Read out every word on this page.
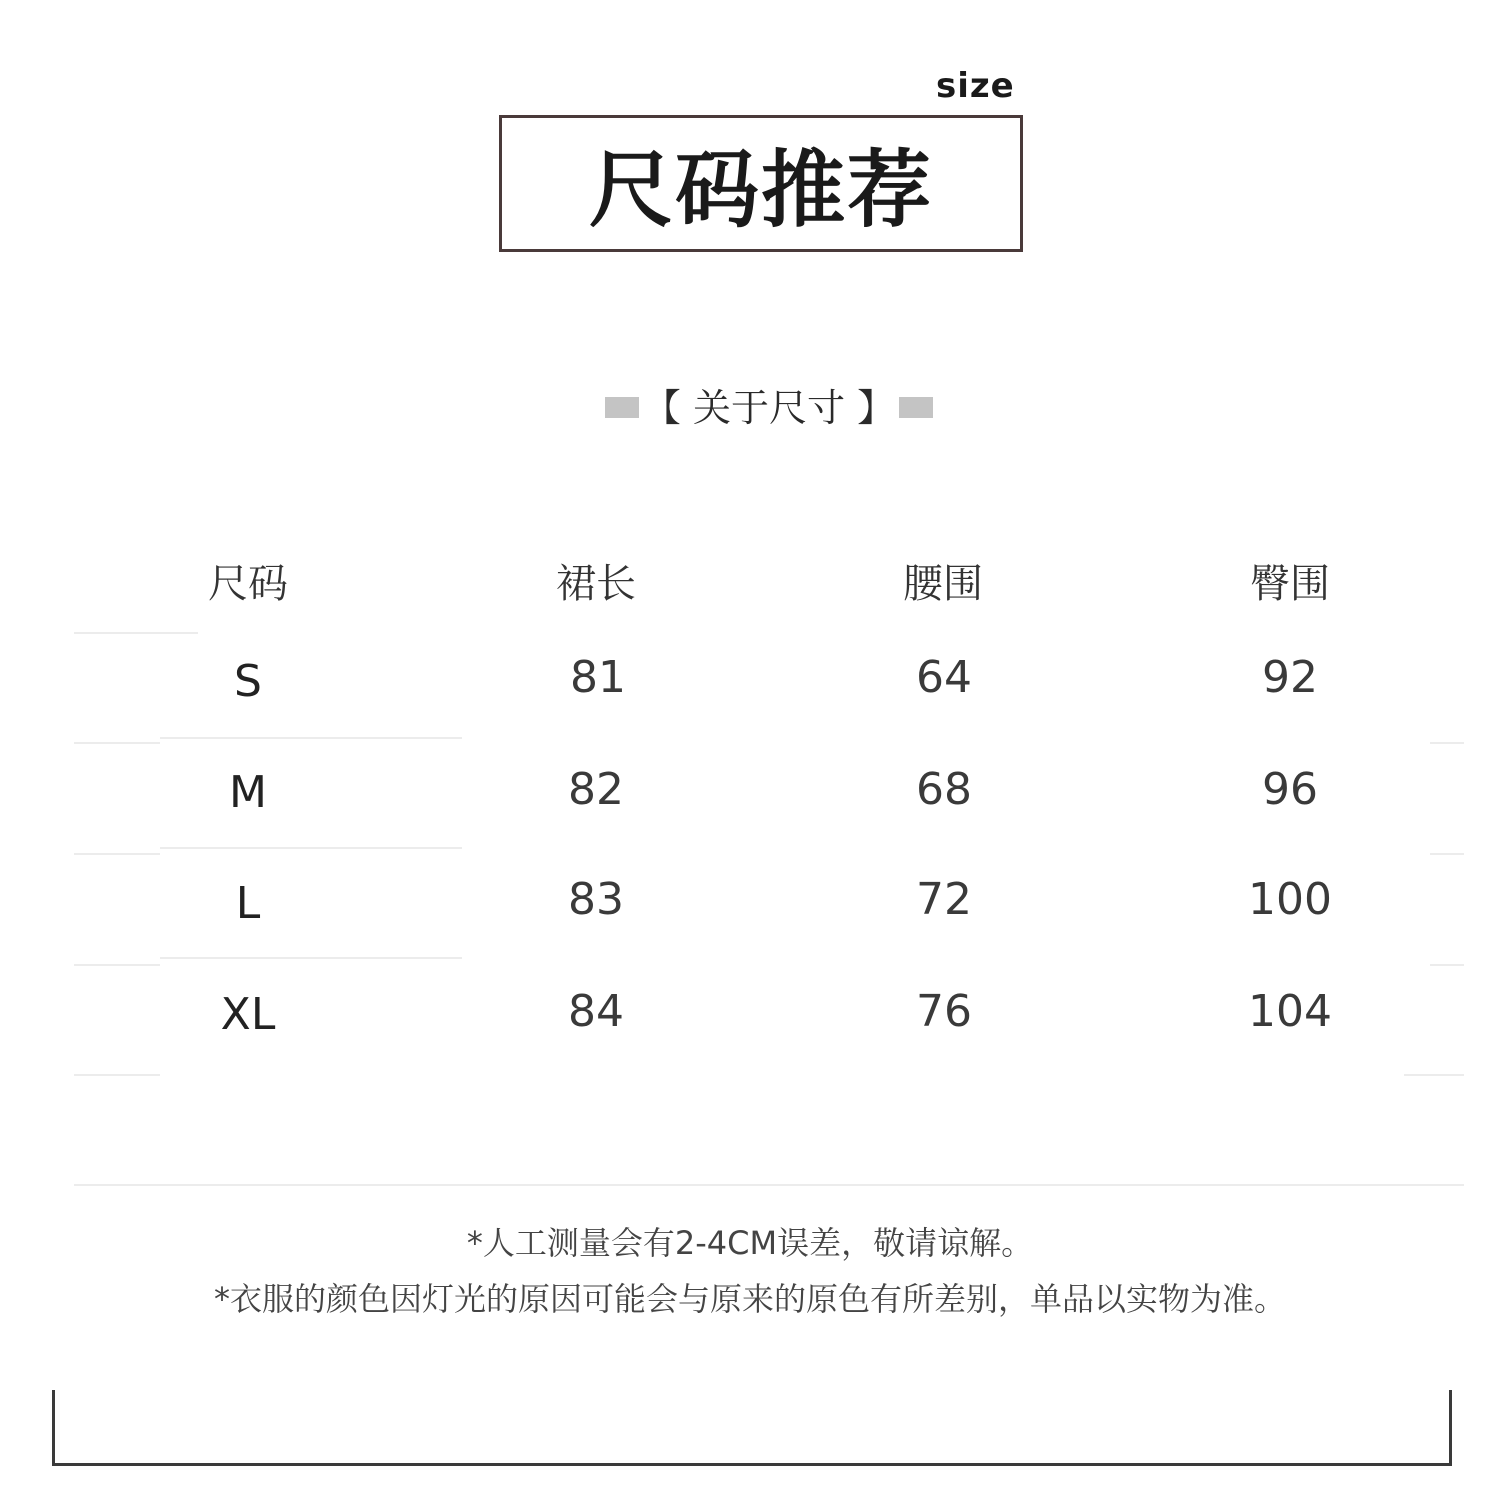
size
尺码推荐
【 关于尺寸 】
尺码	裙长	腰围	臀围
S	81	64	92
M	82	68	96
L	83	72	100
XL	84	76	104
*人工测量会有2-4CM误差，敬请谅解。
*衣服的颜色因灯光的原因可能会与原来的原色有所差别，单品以实物为准。
